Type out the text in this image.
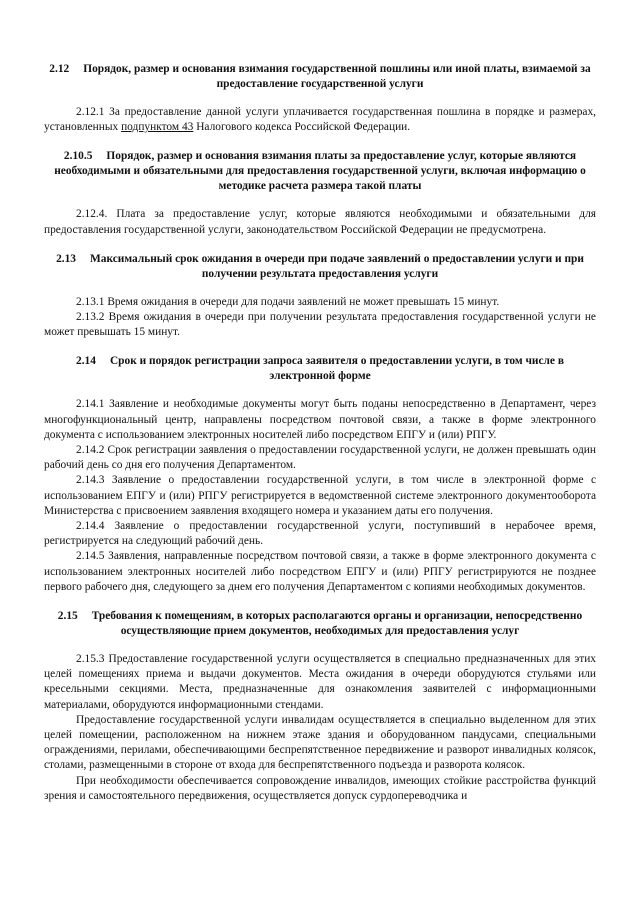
2.12 Порядок, размер и основания взимания государственной пошлины или иной платы, взимаемой за предоставление государственной услуги

2.12.1 За предоставление данной услуги уплачивается государственная пошлина в порядке и размерах, установленных подпунктом 43 Налогового кодекса Российской Федерации.

2.10.5 Порядок, размер и основания взимания платы за предоставление услуг, которые являются необходимыми и обязательными для предоставления государственной услуги, включая информацию о методике расчета размера такой платы

2.12.4. Плата за предоставление услуг, которые являются необходимыми и обязательными для предоставления государственной услуги, законодательством Российской Федерации не предусмотрена.

2.13 Максимальный срок ожидания в очереди при подаче заявлений о предоставлении услуги и при получении результата предоставления услуги

2.13.1 Время ожидания в очереди для подачи заявлений не может превышать 15 минут.

2.13.2 Время ожидания в очереди при получении результата предоставления государственной услуги не может превышать 15 минут.

2.14 Срок и порядок регистрации запроса заявителя о предоставлении услуги, в том числе в электронной форме

2.14.1 Заявление и необходимые документы могут быть поданы непосредственно в Департамент, через многофункциональный центр, направлены посредством почтовой связи, а также в форме электронного документа с использованием электронных носителей либо посредством ЕПГУ и (или) РПГУ.

2.14.2 Срок регистрации заявления о предоставлении государственной услуги, не должен превышать один рабочий день со дня его получения Департаментом.

2.14.3 Заявление о предоставлении государственной услуги, в том числе в электронной форме с использованием ЕПГУ и (или) РПГУ регистрируется в ведомственной системе электронного документооборота Министерства с присвоением заявления входящего номера и указанием даты его получения.

2.14.4 Заявление о предоставлении государственной услуги, поступивший в нерабочее время, регистрируется на следующий рабочий день.

2.14.5 Заявления, направленные посредством почтовой связи, а также в форме электронного документа с использованием электронных носителей либо посредством ЕПГУ и (или) РПГУ регистрируются не позднее первого рабочего дня, следующего за днем его получения Департаментом с копиями необходимых документов.

2.15 Требования к помещениям, в которых располагаются органы и организации, непосредственно осуществляющие прием документов, необходимых для предоставления услуг

2.15.3 Предоставление государственной услуги осуществляется в специально предназначенных для этих целей помещениях приема и выдачи документов. Места ожидания в очереди оборудуются стульями или кресельными секциями. Места, предназначенные для ознакомления заявителей с информационными материалами, оборудуются информационными стендами.

Предоставление государственной услуги инвалидам осуществляется в специально выделенном для этих целей помещении, расположенном на нижнем этаже здания и оборудованном пандусами, специальными ограждениями, перилами, обеспечивающими беспрепятственное передвижение и разворот инвалидных колясок, столами, размещенными в стороне от входа для беспрепятственного подъезда и разворота колясок.

При необходимости обеспечивается сопровождение инвалидов, имеющих стойкие расстройства функций зрения и самостоятельного передвижения, осуществляется допуск сурдопереводчика и
